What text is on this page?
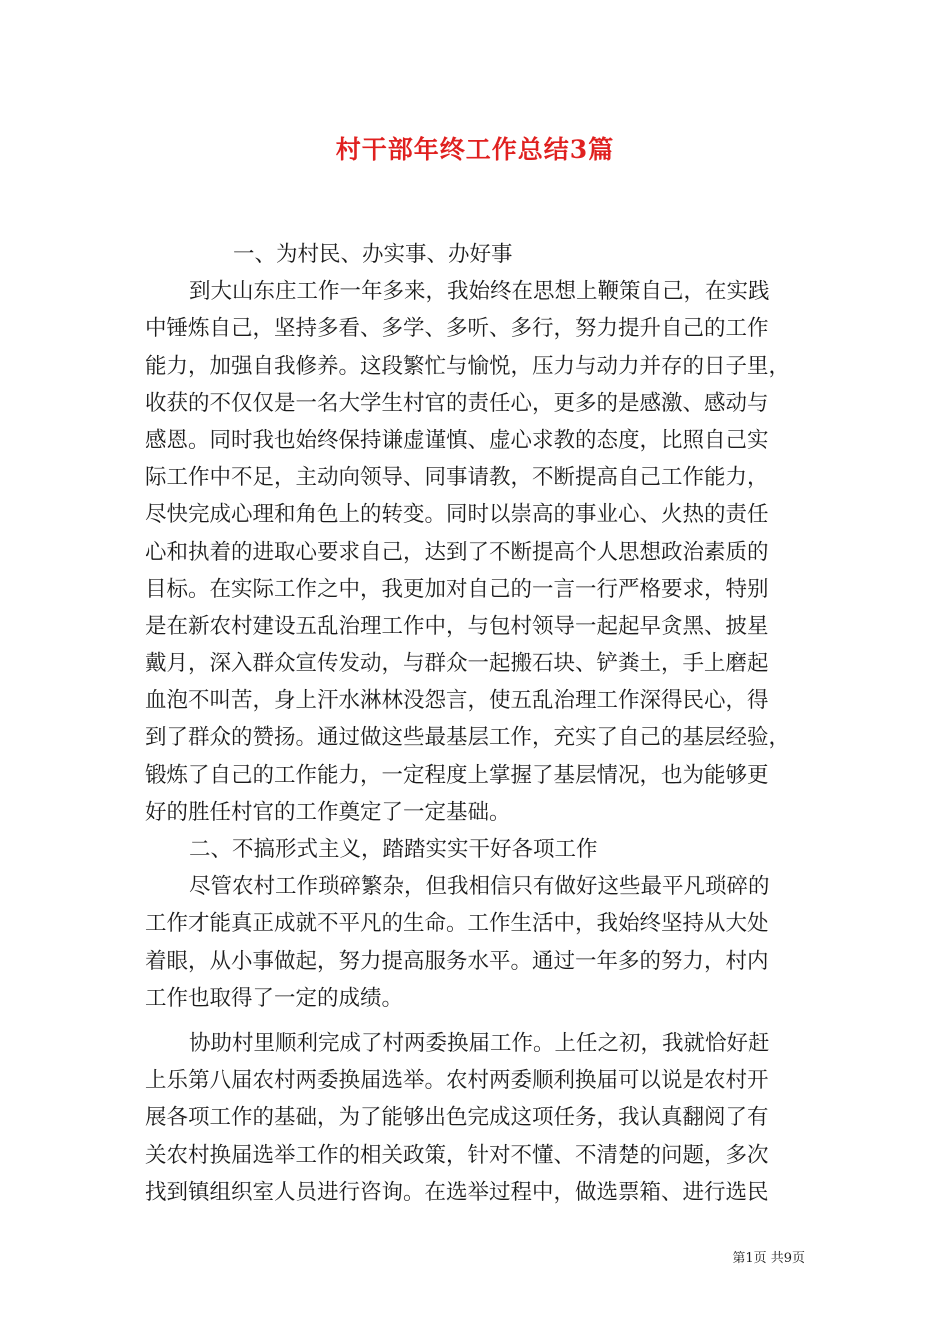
村干部年终工作总结3篇
一、为村民、办实事、办好事
到大山东庄工作一年多来，我始终在思想上鞭策自己，在实践
中锤炼自己，坚持多看、多学、多听、多行，努力提升自己的工作
能力，加强自我修养。这段繁忙与愉悦，压力与动力并存的日子里，
收获的不仅仅是一名大学生村官的责任心，更多的是感激、感动与
感恩。同时我也始终保持谦虚谨慎、虚心求教的态度，比照自己实
际工作中不足，主动向领导、同事请教，不断提高自己工作能力，
尽快完成心理和角色上的转变。同时以崇高的事业心、火热的责任
心和执着的进取心要求自己，达到了不断提高个人思想政治素质的
目标。在实际工作之中，我更加对自己的一言一行严格要求，特别
是在新农村建设五乱治理工作中，与包村领导一起起早贪黑、披星
戴月，深入群众宣传发动，与群众一起搬石块、铲粪土，手上磨起
血泡不叫苦，身上汗水淋林没怨言，使五乱治理工作深得民心，得
到了群众的赞扬。通过做这些最基层工作，充实了自己的基层经验，
锻炼了自己的工作能力，一定程度上掌握了基层情况，也为能够更
好的胜任村官的工作奠定了一定基础。
二、不搞形式主义，踏踏实实干好各项工作
尽管农村工作琐碎繁杂，但我相信只有做好这些最平凡琐碎的
工作才能真正成就不平凡的生命。工作生活中，我始终坚持从大处
着眼，从小事做起，努力提高服务水平。通过一年多的努力，村内
工作也取得了一定的成绩。
协助村里顺利完成了村两委换届工作。上任之初，我就恰好赶
上乐第八届农村两委换届选举。农村两委顺利换届可以说是农村开
展各项工作的基础，为了能够出色完成这项任务，我认真翻阅了有
关农村换届选举工作的相关政策，针对不懂、不清楚的问题，多次
找到镇组织室人员进行咨询。在选举过程中，做选票箱、进行选民
第1页 共9页
